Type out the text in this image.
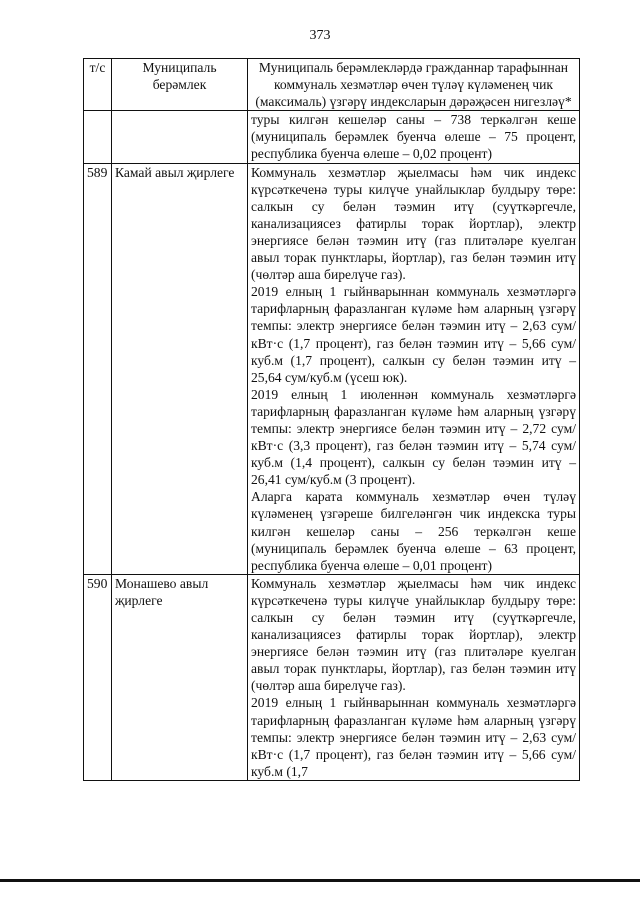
373
т/с	Муниципаль берәмлек	Муниципаль берәмлекләрдә гражданнар тарафыннан коммуналь хезмәтләр өчен түләү күләменең чик (максималь) үзгәрү индексларын дәрәҗәсен нигезләү*

		туры килгән кешеләр саны – 738 теркәлгән кеше (муниципаль берәмлек буенча өлеше – 75 процент, республика буенча өлеше – 0,02 процент)

589	Камай авыл җирлеге	Коммуналь хезмәтләр җыелмасы һәм чик индекс күрсәткеченә туры килүче унайлыклар булдыру төре: салкын су белән тәэмин итү (суүткәргечле, канализациясез фатирлы торак йортлар), электр энергиясе белән тәэмин итү (газ плитәләре куелган авыл торак пунктлары, йортлар), газ белән тәэмин итү (чөлтәр аша бирелүче газ).

2019 елның 1 гыйнварыннан коммуналь хезмәтләргә тарифларның фаразланган күләме һәм аларның үзгәрү темпы: электр энергиясе белән тәэмин итү – 2,63 сум/кВт·с (1,7 процент), газ белән тәэмин итү – 5,66 сум/куб.м (1,7 процент), салкын су белән тәэмин итү – 25,64 сум/куб.м (үсеш юк).

2019 елның 1 июленнән коммуналь хезмәтләргә тарифларның фаразланган күләме һәм аларның үзгәрү темпы: электр энергиясе белән тәэмин итү – 2,72 сум/кВт·с (3,3 процент), газ белән тәэмин итү – 5,74 сум/куб.м (1,4 процент), салкын су белән тәэмин итү – 26,41 сум/куб.м (3 процент).

Аларга карата коммуналь хезмәтләр өчен түләү күләменең үзгәреше билгеләнгән чик индекска туры килгән кешеләр саны – 256 теркәлгән кеше (муниципаль берәмлек буенча өлеше – 63 процент, республика буенча өлеше – 0,01 процент)

590	Монашево авыл җирлеге	Коммуналь хезмәтләр җыелмасы һәм чик индекс күрсәткеченә туры килүче унайлыклар булдыру төре: салкын су белән тәэмин итү (суүткәргечле, канализациясез фатирлы торак йортлар), электр энергиясе белән тәэмин итү (газ плитәләре куелган авыл торак пунктлары, йортлар), газ белән тәэмин итү (чөлтәр аша бирелүче газ).

2019 елның 1 гыйнварыннан коммуналь хезмәтләргә тарифларның фаразланган күләме һәм аларның үзгәрү темпы: электр энергиясе белән тәэмин итү – 2,63 сум/кВт·с (1,7 процент), газ белән тәэмин итү – 5,66 сум/куб.м (1,7
